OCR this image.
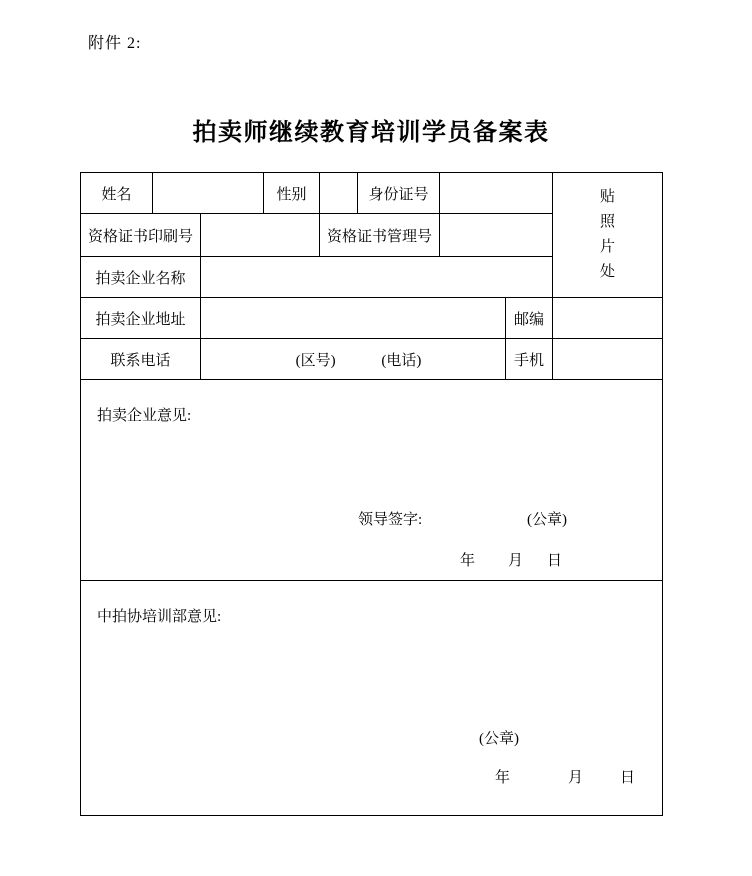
附件 2:
拍卖师继续教育培训学员备案表
姓名			性别		身份证号			贴照片处

资格证书印刷号				资格证书管理号				
拍卖企业名称								
拍卖企业地址							邮编	
联系电话		(区号) (电话)					手机	

拍卖企业意见:
领导签字:	(公章)
年 月 日

中拍协培训部意见:
(公章)
年 月 日								
